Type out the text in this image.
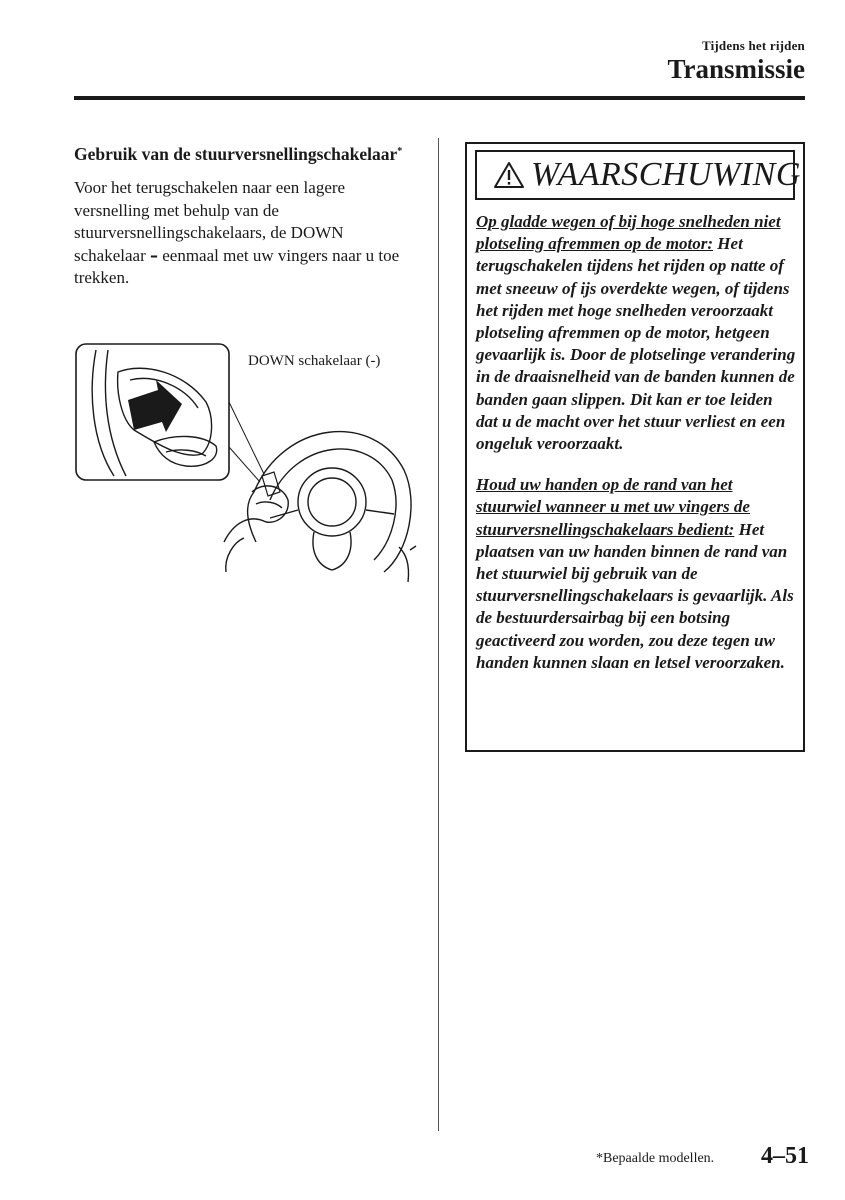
Tijdens het rijden
Transmissie
Gebruik van de stuurversnellingschakelaar*
Voor het terugschakelen naar een lagere versnelling met behulp van de stuurversnellingschakelaars, de DOWN schakelaar – eenmaal met uw vingers naar u toe trekken.
DOWN schakelaar (-)
WAARSCHUWING

Op gladde wegen of bij hoge snelheden niet plotseling afremmen op de motor: Het terugschakelen tijdens het rijden op natte of met sneeuw of ijs overdekte wegen, of tijdens het rijden met hoge snelheden veroorzaakt plotseling afremmen op de motor, hetgeen gevaarlijk is. Door de plotselinge verandering in de draaisnelheid van de banden kunnen de banden gaan slippen. Dit kan er toe leiden dat u de macht over het stuur verliest en een ongeluk veroorzaakt.

Houd uw handen op de rand van het stuurwiel wanneer u met uw vingers de stuurversnellingschakelaars bedient: Het plaatsen van uw handen binnen de rand van het stuurwiel bij gebruik van de stuurversnellingschakelaars is gevaarlijk. Als de bestuurdersairbag bij een botsing geactiveerd zou worden, zou deze tegen uw handen kunnen slaan en letsel veroorzaken.

*Bepaalde modellen. 4–51
